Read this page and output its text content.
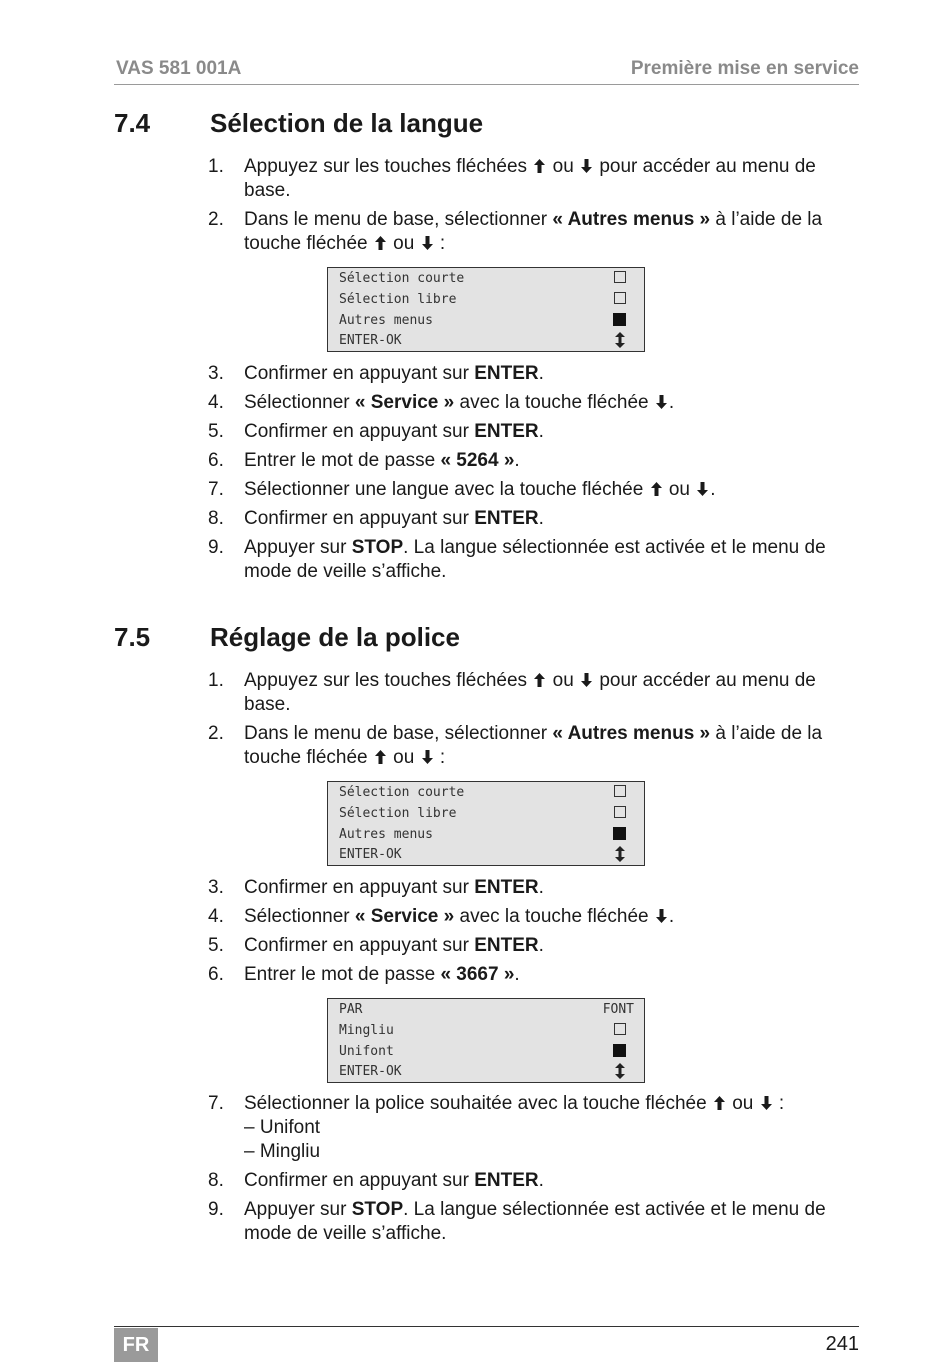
VAS 581 001A	Première mise en service
7.4 Sélection de la langue
1. Appuyez sur les touches fléchées ou pour accéder au menu de base.
2. Dans le menu de base, sélectionner « Autres menus » à l’aide de la touche fléchée ou :
Sélection courte
Sélection libre
Autres menus
ENTER-OK
3. Confirmer en appuyant sur ENTER.
4. Sélectionner « Service » avec la touche fléchée .
5. Confirmer en appuyant sur ENTER.
6. Entrer le mot de passe « 5264 ».
7. Sélectionner une langue avec la touche fléchée ou .
8. Confirmer en appuyant sur ENTER.
9. Appuyer sur STOP. La langue sélectionnée est activée et le menu de mode de veille s’affiche.
7.5 Réglage de la police
1. Appuyez sur les touches fléchées ou pour accéder au menu de base.
2. Dans le menu de base, sélectionner « Autres menus » à l’aide de la touche fléchée ou :
Sélection courte
Sélection libre
Autres menus
ENTER-OK
3. Confirmer en appuyant sur ENTER.
4. Sélectionner « Service » avec la touche fléchée .
5. Confirmer en appuyant sur ENTER.
6. Entrer le mot de passe « 3667 ».
PAR	FONT
Mingliu
Unifont
ENTER-OK
7. Sélectionner la police souhaitée avec la touche fléchée ou :
– Unifont
– Mingliu
8. Confirmer en appuyant sur ENTER.
9. Appuyer sur STOP. La langue sélectionnée est activée et le menu de mode de veille s’affiche.
FR	241
